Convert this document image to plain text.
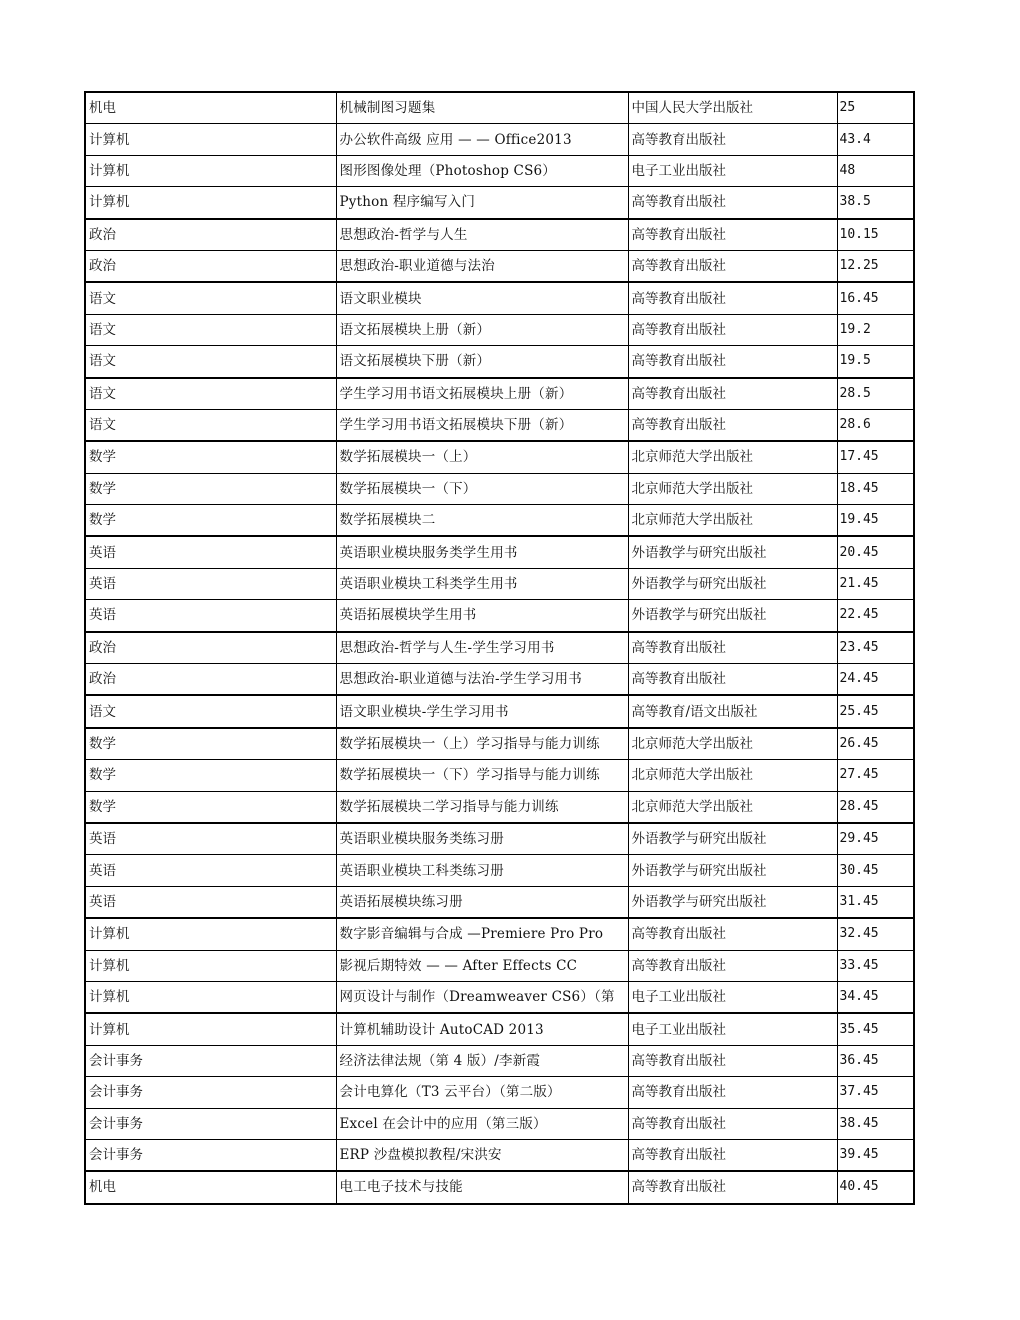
机电	机械制图习题集	中国人民大学出版社	25
计算机	办公软件高级 应用 — — Office2013	高等教育出版社	43.4
计算机	图形图像处理（Photoshop CS6）	电子工业出版社	48
计算机	Python 程序编写入门	高等教育出版社	38.5
政治	思想政治-哲学与人生	高等教育出版社	10.15
政治	思想政治-职业道德与法治	高等教育出版社	12.25
语文	语文职业模块	高等教育出版社	16.45
语文	语文拓展模块上册（新）	高等教育出版社	19.2
语文	语文拓展模块下册（新）	高等教育出版社	19.5
语文	学生学习用书语文拓展模块上册（新）	高等教育出版社	28.5
语文	学生学习用书语文拓展模块下册（新）	高等教育出版社	28.6
数学	数学拓展模块一（上）	北京师范大学出版社	17.45
数学	数学拓展模块一（下）	北京师范大学出版社	18.45
数学	数学拓展模块二	北京师范大学出版社	19.45
英语	英语职业模块服务类学生用书	外语教学与研究出版社	20.45
英语	英语职业模块工科类学生用书	外语教学与研究出版社	21.45
英语	英语拓展模块学生用书	外语教学与研究出版社	22.45
政治	思想政治-哲学与人生-学生学习用书	高等教育出版社	23.45
政治	思想政治-职业道德与法治-学生学习用书	高等教育出版社	24.45
语文	语文职业模块-学生学习用书	高等教育/语文出版社	25.45
数学	数学拓展模块一（上）学习指导与能力训练	北京师范大学出版社	26.45
数学	数学拓展模块一（下）学习指导与能力训练	北京师范大学出版社	27.45
数学	数学拓展模块二学习指导与能力训练	北京师范大学出版社	28.45
英语	英语职业模块服务类练习册	外语教学与研究出版社	29.45
英语	英语职业模块工科类练习册	外语教学与研究出版社	30.45
英语	英语拓展模块练习册	外语教学与研究出版社	31.45
计算机	数字影音编辑与合成 —Premiere Pro Pro	高等教育出版社	32.45
计算机	影视后期特效 — — After Effects CC	高等教育出版社	33.45
计算机	网页设计与制作（Dreamweaver CS6）（第	电子工业出版社	34.45
计算机	计算机辅助设计 AutoCAD 2013	电子工业出版社	35.45
会计事务	经济法律法规（第 4 版）/李新霞	高等教育出版社	36.45
会计事务	会计电算化（T3 云平台）（第二版）	高等教育出版社	37.45
会计事务	Excel 在会计中的应用（第三版）	高等教育出版社	38.45
会计事务	ERP 沙盘模拟教程/宋洪安	高等教育出版社	39.45
机电	电工电子技术与技能	高等教育出版社	40.45
